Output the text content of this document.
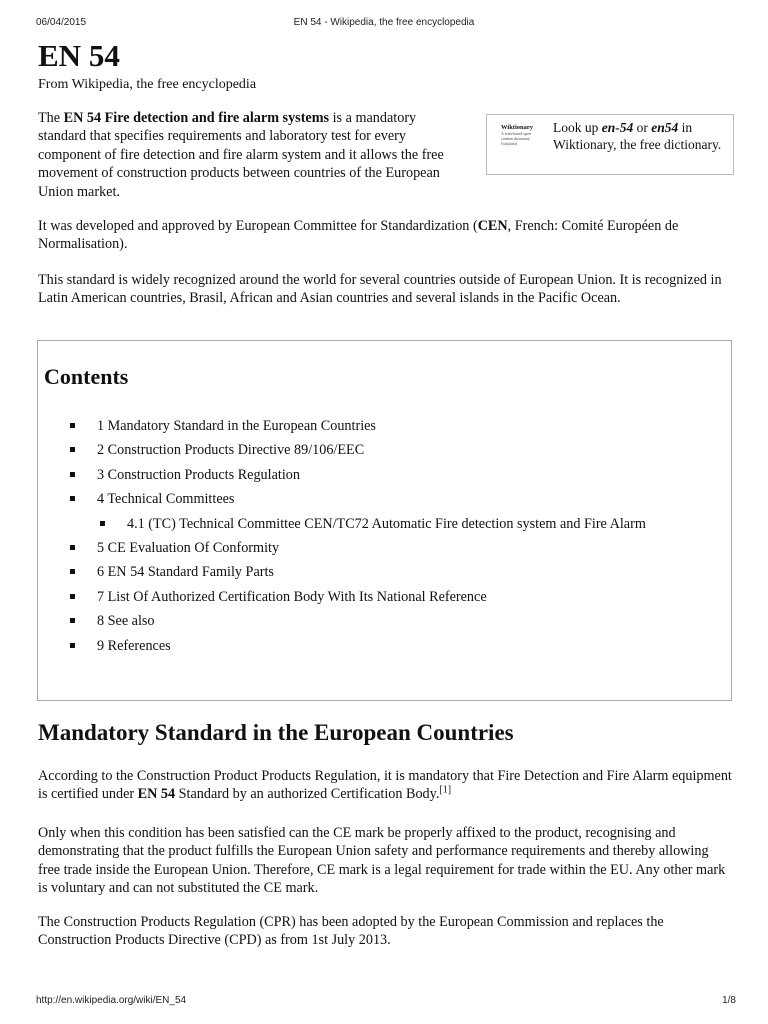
06/04/2015	EN 54 - Wikipedia, the free encyclopedia
EN 54
From Wikipedia, the free encyclopedia

The EN 54 Fire detection and fire alarm systems is a mandatory standard that specifies requirements and laboratory test for every component of fire detection and fire alarm system and it allows the free movement of construction products between countries of the European Union market.

Wiktionary
A wiki-based open
content dictionary
[wɪkʃənrɪ]
Look up en-54 or en54 in Wiktionary, the free dictionary.

It was developed and approved by European Committee for Standardization (CEN, French: Comité Européen de Normalisation).

This standard is widely recognized around the world for several countries outside of European Union. It is recognized in Latin American countries, Brasil, African and Asian countries and several islands in the Pacific Ocean.

Contents
1 Mandatory Standard in the European Countries
2 Construction Products Directive 89/106/EEC
3 Construction Products Regulation
4 Technical Committees
4.1 (TC) Technical Committee CEN/TC72 Automatic Fire detection system and Fire Alarm
5 CE Evaluation Of Conformity
6 EN 54 Standard Family Parts
7 List Of Authorized Certification Body With Its National Reference
8 See also
9 References
Mandatory Standard in the European Countries

According to the Construction Product Products Regulation, it is mandatory that Fire Detection and Fire Alarm equipment is certified under EN 54 Standard by an authorized Certification Body.[1]

Only when this condition has been satisfied can the CE mark be properly affixed to the product, recognising and demonstrating that the product fulfills the European Union safety and performance requirements and thereby allowing free trade inside the European Union. Therefore, CE mark is a legal requirement for trade within the EU. Any other mark is voluntary and can not substituted the CE mark.

The Construction Products Regulation (CPR) has been adopted by the European Commission and replaces the Construction Products Directive (CPD) as from 1st July 2013.

http://en.wikipedia.org/wiki/EN_54	1/8
